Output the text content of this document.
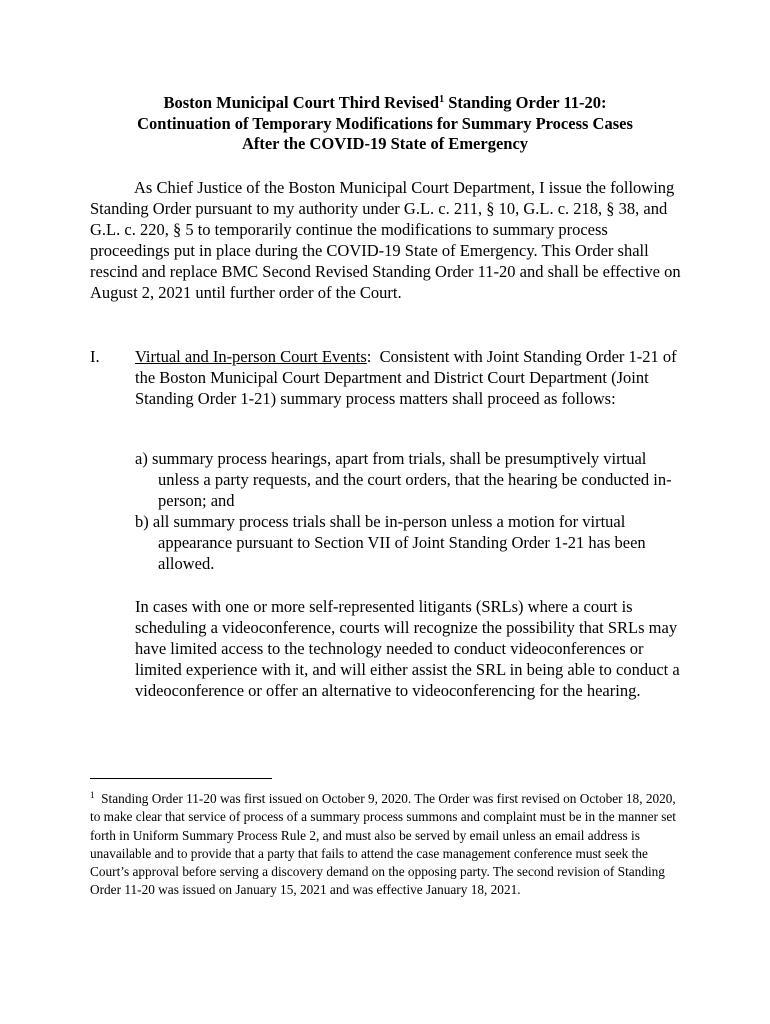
Boston Municipal Court Third Revised$^1$ Standing Order 11-20:
Continuation of Temporary Modifications for Summary Process Cases
After the COVID-19 State of Emergency
As Chief Justice of the Boston Municipal Court Department, I issue the following Standing Order pursuant to my authority under G.L. c. 211, § 10, G.L. c. 218, § 38, and G.L. c. 220, § 5 to temporarily continue the modifications to summary process proceedings put in place during the COVID-19 State of Emergency. This Order shall rescind and replace BMC Second Revised Standing Order 11-20 and shall be effective on August 2, 2021 until further order of the Court.
I. Virtual and In-person Court Events:  Consistent with Joint Standing Order 1-21 of the Boston Municipal Court Department and District Court Department (Joint Standing Order 1-21) summary process matters shall proceed as follows:
a) summary process hearings, apart from trials, shall be presumptively virtual unless a party requests, and the court orders, that the hearing be conducted in-person; and
b) all summary process trials shall be in-person unless a motion for virtual appearance pursuant to Section VII of Joint Standing Order 1-21 has been allowed.
In cases with one or more self-represented litigants (SRLs) where a court is scheduling a videoconference, courts will recognize the possibility that SRLs may have limited access to the technology needed to conduct videoconferences or limited experience with it, and will either assist the SRL in being able to conduct a videoconference or offer an alternative to videoconferencing for the hearing.
$^1$ Standing Order 11-20 was first issued on October 9, 2020. The Order was first revised on October 18, 2020, to make clear that service of process of a summary process summons and complaint must be in the manner set forth in Uniform Summary Process Rule 2, and must also be served by email unless an email address is unavailable and to provide that a party that fails to attend the case management conference must seek the Court’s approval before serving a discovery demand on the opposing party. The second revision of Standing Order 11-20 was issued on January 15, 2021 and was effective January 18, 2021.
